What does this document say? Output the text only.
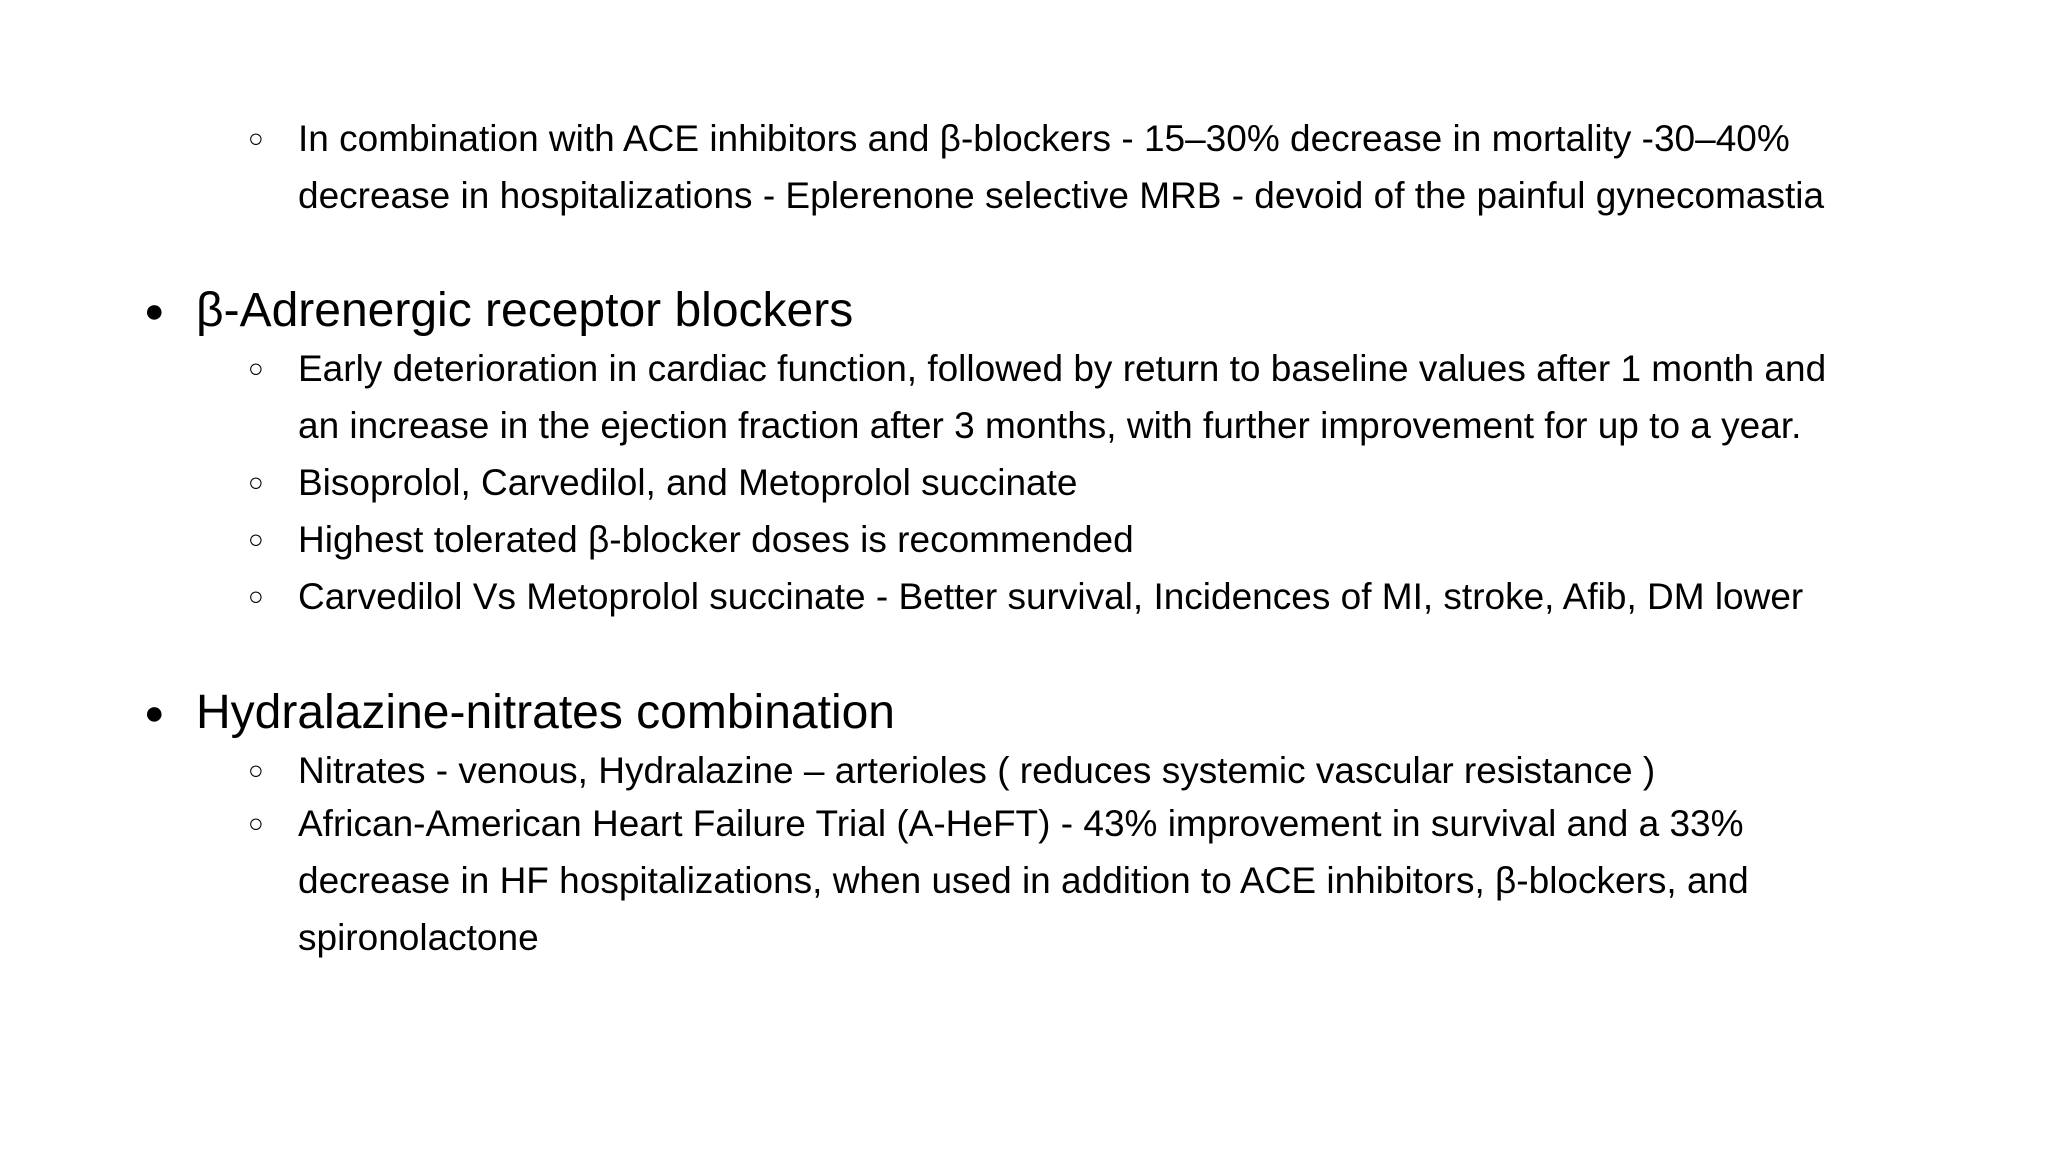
○ In combination with ACE inhibitors and β-blockers - 15–30% decrease in mortality -30–40%
decrease in hospitalizations - Eplerenone selective MRB - devoid of the painful gynecomastia
● β-Adrenergic receptor blockers
○ Early deterioration in cardiac function, followed by return to baseline values after 1 month and
an increase in the ejection fraction after 3 months, with further improvement for up to a year.
○ Bisoprolol, Carvedilol, and Metoprolol succinate
○ Highest tolerated β-blocker doses is recommended
○ Carvedilol Vs Metoprolol succinate - Better survival, Incidences of MI, stroke, Afib, DM lower
● Hydralazine-nitrates combination
○ Nitrates - venous, Hydralazine – arterioles ( reduces systemic vascular resistance )
○ African-American Heart Failure Trial (A-HeFT) - 43% improvement in survival and a 33%
decrease in HF hospitalizations, when used in addition to ACE inhibitors, β-blockers, and
spironolactone
